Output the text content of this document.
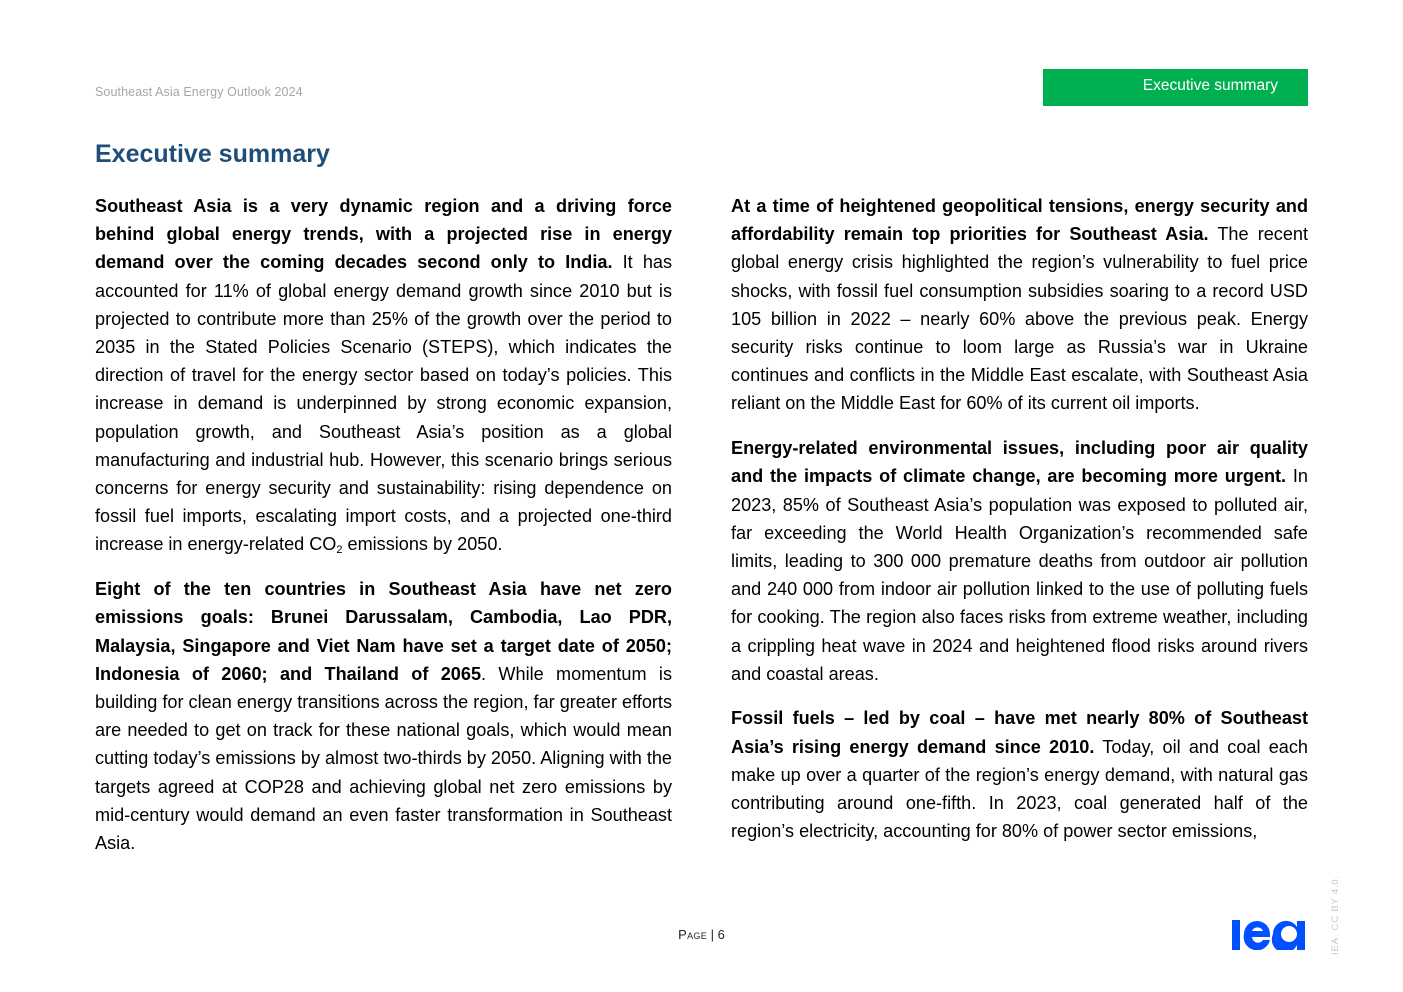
Southeast Asia Energy Outlook 2024	Executive summary
Executive summary

Southeast Asia is a very dynamic region and a driving force behind global energy trends, with a projected rise in energy demand over the coming decades second only to India. It has accounted for 11% of global energy demand growth since 2010 but is projected to contribute more than 25% of the growth over the period to 2035 in the Stated Policies Scenario (STEPS), which indicates the direction of travel for the energy sector based on today’s policies. This increase in demand is underpinned by strong economic expansion, population growth, and Southeast Asia’s position as a global manufacturing and industrial hub. However, this scenario brings serious concerns for energy security and sustainability: rising dependence on fossil fuel imports, escalating import costs, and a projected one-third increase in energy-related $CO_2$ emissions by 2050.

Eight of the ten countries in Southeast Asia have net zero emissions goals: Brunei Darussalam, Cambodia, Lao PDR, Malaysia, Singapore and Viet Nam have set a target date of 2050; Indonesia of 2060; and Thailand of 2065. While momentum is building for clean energy transitions across the region, far greater efforts are needed to get on track for these national goals, which would mean cutting today’s emissions by almost two-thirds by 2050. Aligning with the targets agreed at COP28 and achieving global net zero emissions by mid-century would demand an even faster transformation in Southeast Asia.

At a time of heightened geopolitical tensions, energy security and affordability remain top priorities for Southeast Asia. The recent global energy crisis highlighted the region’s vulnerability to fuel price shocks, with fossil fuel consumption subsidies soaring to a record USD 105 billion in 2022 – nearly 60% above the previous peak. Energy security risks continue to loom large as Russia’s war in Ukraine continues and conflicts in the Middle East escalate, with Southeast Asia reliant on the Middle East for 60% of its current oil imports.

Energy-related environmental issues, including poor air quality and the impacts of climate change, are becoming more urgent. In 2023, 85% of Southeast Asia’s population was exposed to polluted air, far exceeding the World Health Organization’s recommended safe limits, leading to 300 000 premature deaths from outdoor air pollution and 240 000 from indoor air pollution linked to the use of polluting fuels for cooking. The region also faces risks from extreme weather, including a crippling heat wave in 2024 and heightened flood risks around rivers and coastal areas.

Fossil fuels – led by coal – have met nearly 80% of Southeast Asia’s rising energy demand since 2010. Today, oil and coal each make up over a quarter of the region’s energy demand, with natural gas contributing around one-fifth. In 2023, coal generated half of the region’s electricity, accounting for 80% of power sector emissions,

Page | 6	IEA. CC BY 4.0.
